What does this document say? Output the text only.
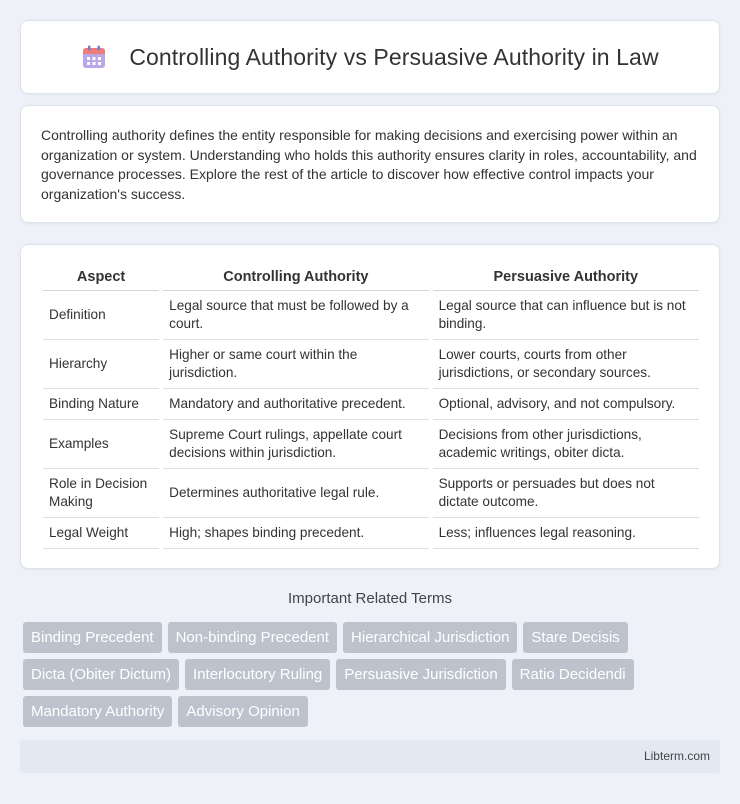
Controlling Authority vs Persuasive Authority in Law

Controlling authority defines the entity responsible for making decisions and exercising power within an organization or system. Understanding who holds this authority ensures clarity in roles, accountability, and governance processes. Explore the rest of the article to discover how effective control impacts your organization's success.

Aspect		Controlling Authority		Persuasive Authority
Definition		Legal source that must be followed by a court.		Legal source that can influence but is not binding.
Hierarchy		Higher or same court within the jurisdiction.		Lower courts, courts from other jurisdictions, or secondary sources.
Binding Nature		Mandatory and authoritative precedent.		Optional, advisory, and not compulsory.
Examples		Supreme Court rulings, appellate court decisions within jurisdiction.		Decisions from other jurisdictions, academic writings, obiter dicta.
Role in Decision Making		Determines authoritative legal rule.		Supports or persuades but does not dictate outcome.
Legal Weight		High; shapes binding precedent.		Less; influences legal reasoning.
Important Related Terms
Binding Precedent	Non-binding Precedent	Hierarchical Jurisdiction	Stare Decisis
Dicta (Obiter Dictum)	Interlocutory Ruling	Persuasive Jurisdiction	Ratio Decidendi
Mandatory Authority	Advisory Opinion
Libterm.com
